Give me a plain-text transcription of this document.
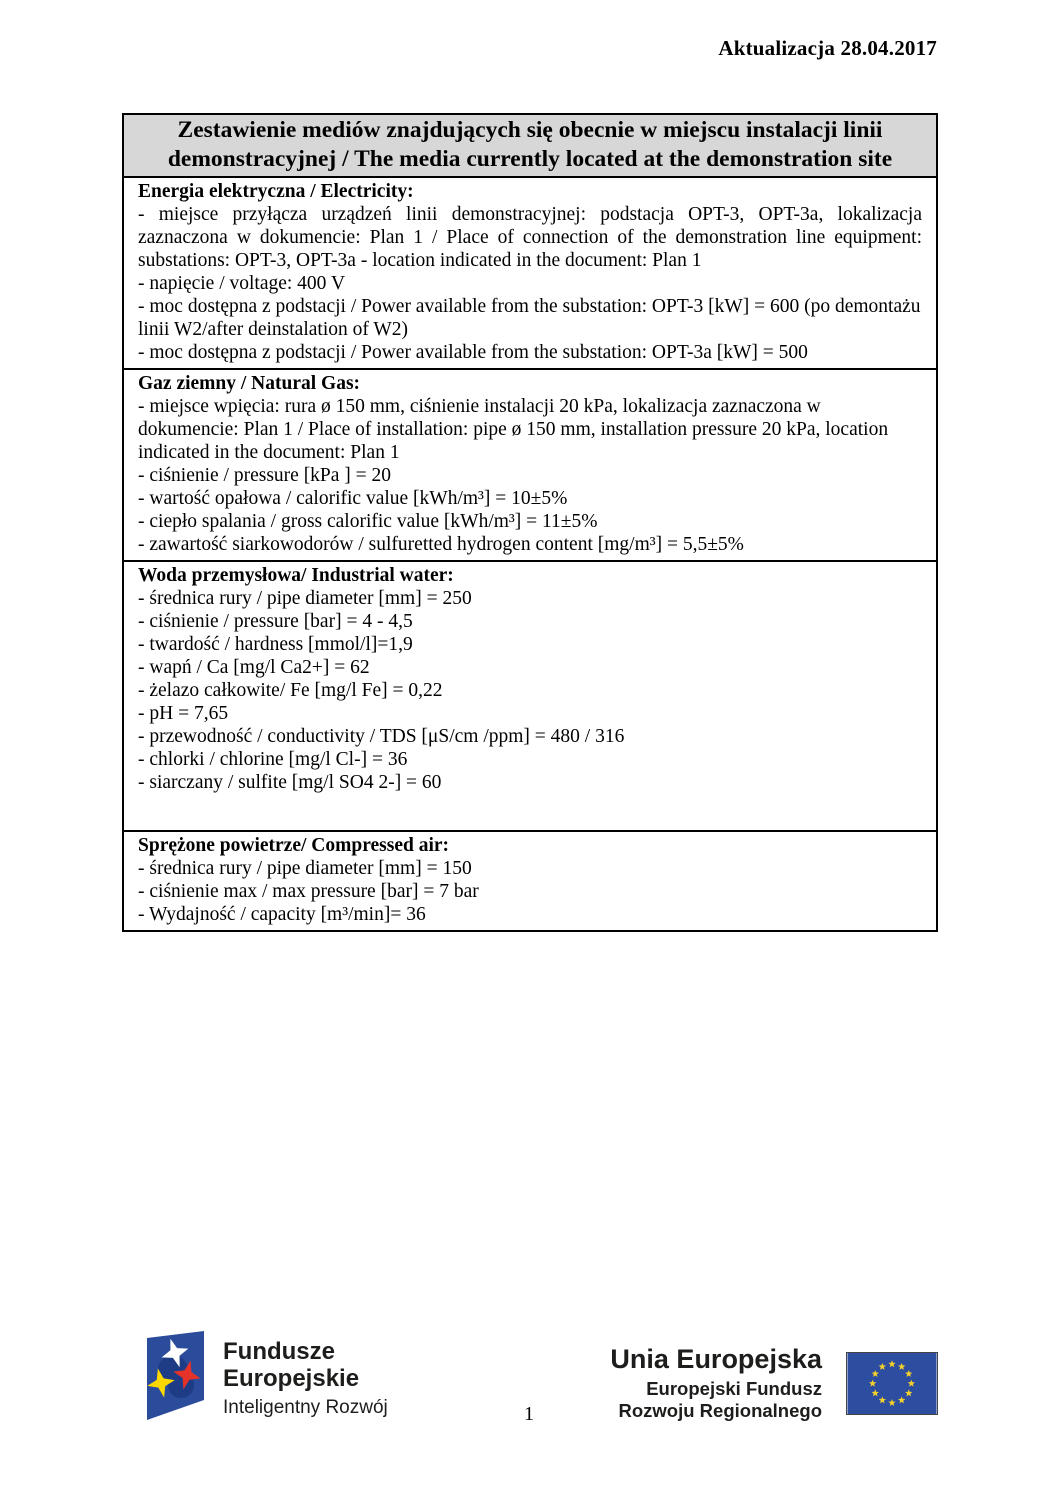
Aktualizacja 28.04.2017
Zestawienie mediów znajdujących się obecnie w miejscu instalacji linii demonstracyjnej / The media currently located at the demonstration site
Energia elektryczna / Electricity:
- miejsce przyłącza urządzeń linii demonstracyjnej: podstacja OPT-3, OPT-3a, lokalizacja zaznaczona w dokumencie: Plan 1 / Place of connection of the demonstration line equipment: substations: OPT-3, OPT-3a - location indicated in the document: Plan 1
- napięcie / voltage: 400 V
- moc dostępna z podstacji / Power available from the substation: OPT-3 [kW] = 600 (po demontażu linii W2/after deinstalation of W2)
- moc dostępna z podstacji / Power available from the substation: OPT-3a [kW] = 500
Gaz ziemny / Natural Gas:
- miejsce wpięcia: rura ø 150 mm, ciśnienie instalacji 20 kPa, lokalizacja zaznaczona w dokumencie: Plan 1 / Place of installation: pipe ø 150 mm, installation pressure 20 kPa, location indicated in the document: Plan 1
- ciśnienie / pressure [kPa ] = 20
- wartość opałowa / calorific value [kWh/m³] = 10±5%
- ciepło spalania / gross calorific value [kWh/m³] = 11±5%
- zawartość siarkowodorów / sulfuretted hydrogen content [mg/m³] = 5,5±5%
Woda przemysłowa/ Industrial water:
- średnica rury / pipe diameter [mm] = 250
- ciśnienie / pressure [bar] = 4 - 4,5
- twardość / hardness [mmol/l]=1,9
- wapń / Ca [mg/l Ca2+] = 62
- żelazo całkowite/ Fe [mg/l Fe] = 0,22
- pH = 7,65
- przewodność / conductivity / TDS [μS/cm /ppm] = 480 / 316
- chlorki / chlorine [mg/l Cl-] = 36
- siarczany / sulfite [mg/l SO4 2-] = 60
Sprężone powietrze/ Compressed air:
- średnica rury / pipe diameter [mm] = 150
- ciśnienie max / max pressure [bar] = 7 bar
- Wydajność / capacity [m³/min]= 36
Fundusze
Europejskie
Inteligentny Rozwój
Unia Europejska
Europejski Fundusz
Rozwoju Regionalnego
1
